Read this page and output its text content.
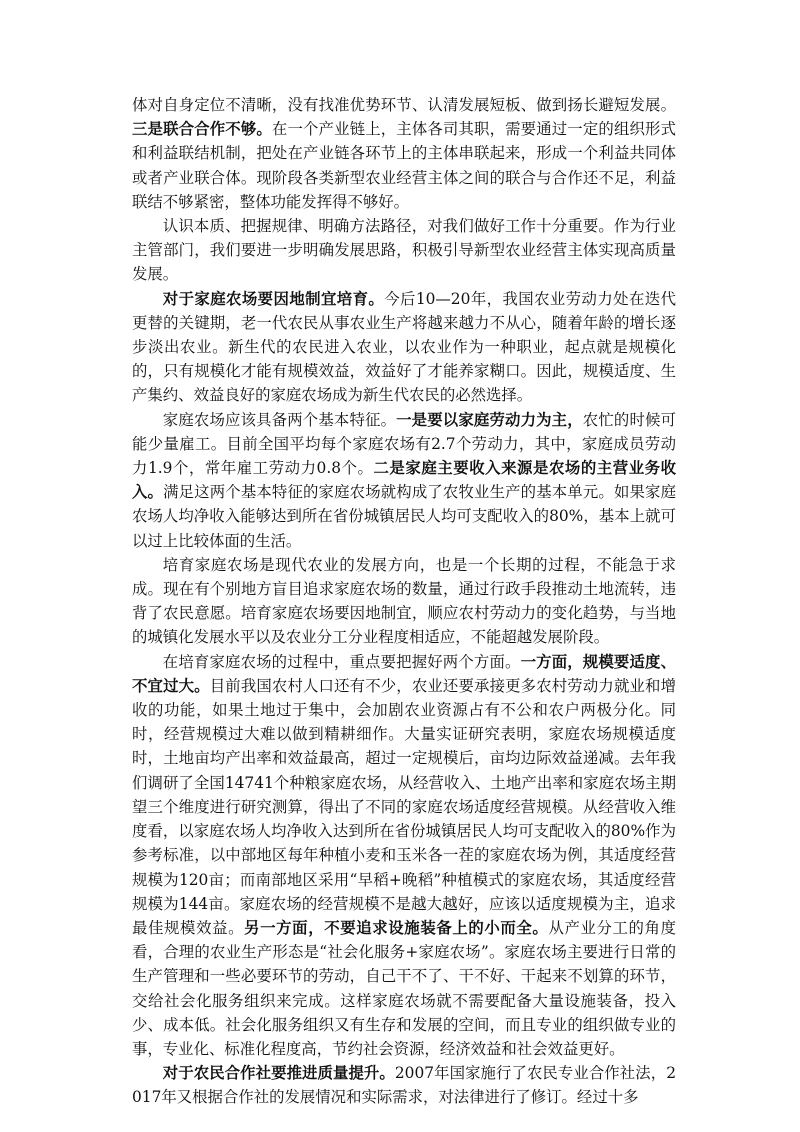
体对自身定位不清晰，没有找准优势环节、认清发展短板、做到扬长避短发展。三是联合合作不够。在一个产业链上，主体各司其职，需要通过一定的组织形式和利益联结机制，把处在产业链各环节上的主体串联起来，形成一个利益共同体或者产业联合体。现阶段各类新型农业经营主体之间的联合与合作还不足，利益联结不够紧密，整体功能发挥得不够好。

认识本质、把握规律、明确方法路径，对我们做好工作十分重要。作为行业主管部门，我们要进一步明确发展思路，积极引导新型农业经营主体实现高质量发展。

对于家庭农场要因地制宜培育。今后10—20年，我国农业劳动力处在迭代更替的关键期，老一代农民从事农业生产将越来越力不从心，随着年龄的增长逐步淡出农业。新生代的农民进入农业，以农业作为一种职业，起点就是规模化的，只有规模化才能有规模效益，效益好了才能养家糊口。因此，规模适度、生产集约、效益良好的家庭农场成为新生代农民的必然选择。

家庭农场应该具备两个基本特征。一是要以家庭劳动力为主，农忙的时候可能少量雇工。目前全国平均每个家庭农场有2.7个劳动力，其中，家庭成员劳动力1.9个，常年雇工劳动力0.8个。二是家庭主要收入来源是农场的主营业务收入。满足这两个基本特征的家庭农场就构成了农牧业生产的基本单元。如果家庭农场人均净收入能够达到所在省份城镇居民人均可支配收入的80%，基本上就可以过上比较体面的生活。

培育家庭农场是现代农业的发展方向，也是一个长期的过程，不能急于求成。现在有个别地方盲目追求家庭农场的数量，通过行政手段推动土地流转，违背了农民意愿。培育家庭农场要因地制宜，顺应农村劳动力的变化趋势，与当地的城镇化发展水平以及农业分工分业程度相适应，不能超越发展阶段。

在培育家庭农场的过程中，重点要把握好两个方面。一方面，规模要适度、不宜过大。目前我国农村人口还有不少，农业还要承接更多农村劳动力就业和增收的功能，如果土地过于集中，会加剧农业资源占有不公和农户两极分化。同时，经营规模过大难以做到精耕细作。大量实证研究表明，家庭农场规模适度时，土地亩均产出率和效益最高，超过一定规模后，亩均边际效益递减。去年我们调研了全国14741个种粮家庭农场，从经营收入、土地产出率和家庭农场主期望三个维度进行研究测算，得出了不同的家庭农场适度经营规模。从经营收入维度看，以家庭农场人均净收入达到所在省份城镇居民人均可支配收入的80%作为参考标准，以中部地区每年种植小麦和玉米各一茬的家庭农场为例，其适度经营规模为120亩；而南部地区采用“早稻+晚稻”种植模式的家庭农场，其适度经营规模为144亩。家庭农场的经营规模不是越大越好，应该以适度规模为主，追求最佳规模效益。另一方面，不要追求设施装备上的小而全。从产业分工的角度看，合理的农业生产形态是“社会化服务+家庭农场”。家庭农场主要进行日常的生产管理和一些必要环节的劳动，自己干不了、干不好、干起来不划算的环节，交给社会化服务组织来完成。这样家庭农场就不需要配备大量设施装备，投入少、成本低。社会化服务组织又有生存和发展的空间，而且专业的组织做专业的事，专业化、标准化程度高，节约社会资源，经济效益和社会效益更好。

对于农民合作社要推进质量提升。2007年国家施行了农民专业合作社法，2017年又根据合作社的发展情况和实际需求，对法律进行了修订。经过十多
